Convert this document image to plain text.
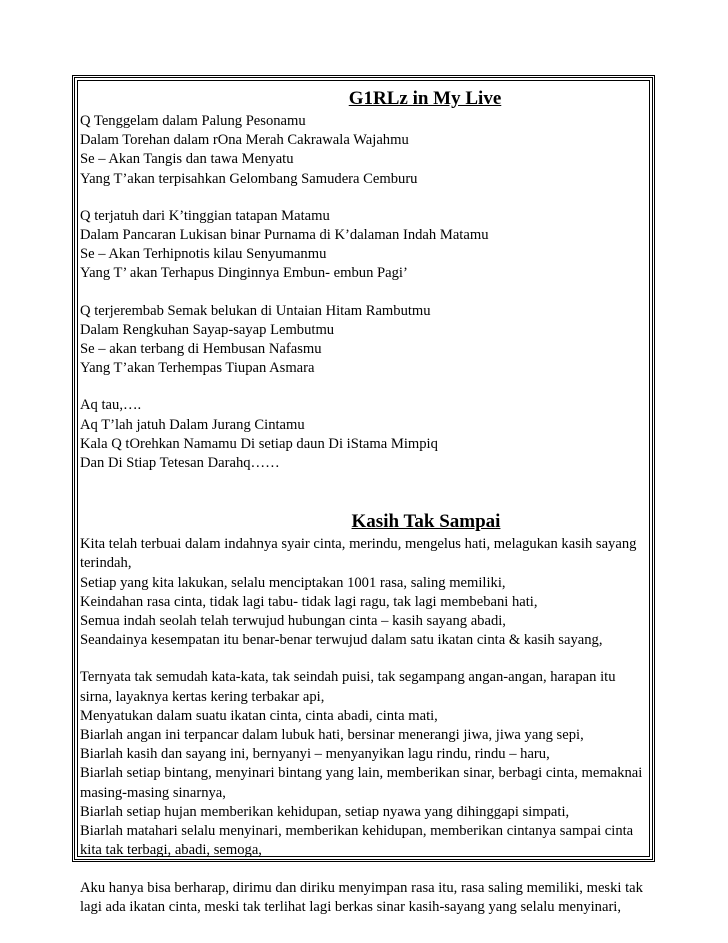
G1RLz in My Live
Q Tenggelam dalam Palung Pesonamu
Dalam Torehan dalam rOna Merah Cakrawala Wajahmu
Se – Akan Tangis dan tawa Menyatu
Yang T’akan terpisahkan Gelombang Samudera Cemburu
Q terjatuh dari K’tinggian tatapan Matamu
Dalam Pancaran Lukisan binar Purnama di K’dalaman Indah Matamu
Se – Akan Terhipnotis kilau Senyumanmu
Yang T’ akan Terhapus Dinginnya Embun- embun Pagi’
Q terjerembab Semak belukan di Untaian Hitam Rambutmu
Dalam Rengkuhan Sayap-sayap Lembutmu
Se – akan terbang di Hembusan Nafasmu
Yang T’akan Terhempas Tiupan Asmara
Aq tau,….
Aq T’lah jatuh Dalam Jurang Cintamu
Kala Q tOrehkan Namamu Di setiap daun Di iStama Mimpiq
Dan Di Stiap Tetesan Darahq……
Kasih Tak Sampai
Kita telah terbuai dalam indahnya syair cinta, merindu, mengelus hati, melagukan kasih sayang
terindah,
Setiap yang kita lakukan, selalu menciptakan 1001 rasa, saling memiliki,
Keindahan rasa cinta, tidak lagi tabu- tidak lagi ragu, tak lagi membebani hati,
Semua indah seolah telah terwujud hubungan cinta – kasih sayang abadi,
Seandainya kesempatan itu benar-benar terwujud dalam satu ikatan cinta & kasih sayang,
Ternyata tak semudah kata-kata, tak seindah puisi, tak segampang angan-angan, harapan itu
sirna, layaknya kertas kering terbakar api,
Menyatukan dalam suatu ikatan cinta, cinta abadi, cinta mati,
Biarlah angan ini terpancar dalam lubuk hati, bersinar menerangi jiwa, jiwa yang sepi,
Biarlah kasih dan sayang ini, bernyanyi – menyanyikan lagu rindu, rindu – haru,
Biarlah setiap bintang, menyinari bintang yang lain, memberikan sinar, berbagi cinta, memaknai
masing-masing sinarnya,
Biarlah setiap hujan memberikan kehidupan, setiap nyawa yang dihinggapi simpati,
Biarlah matahari selalu menyinari, memberikan kehidupan, memberikan cintanya sampai cinta
kita tak terbagi, abadi, semoga,
Aku hanya bisa berharap, dirimu dan diriku menyimpan rasa itu, rasa saling memiliki, meski tak
lagi ada ikatan cinta, meski tak terlihat lagi berkas sinar kasih-sayang yang selalu menyinari,
